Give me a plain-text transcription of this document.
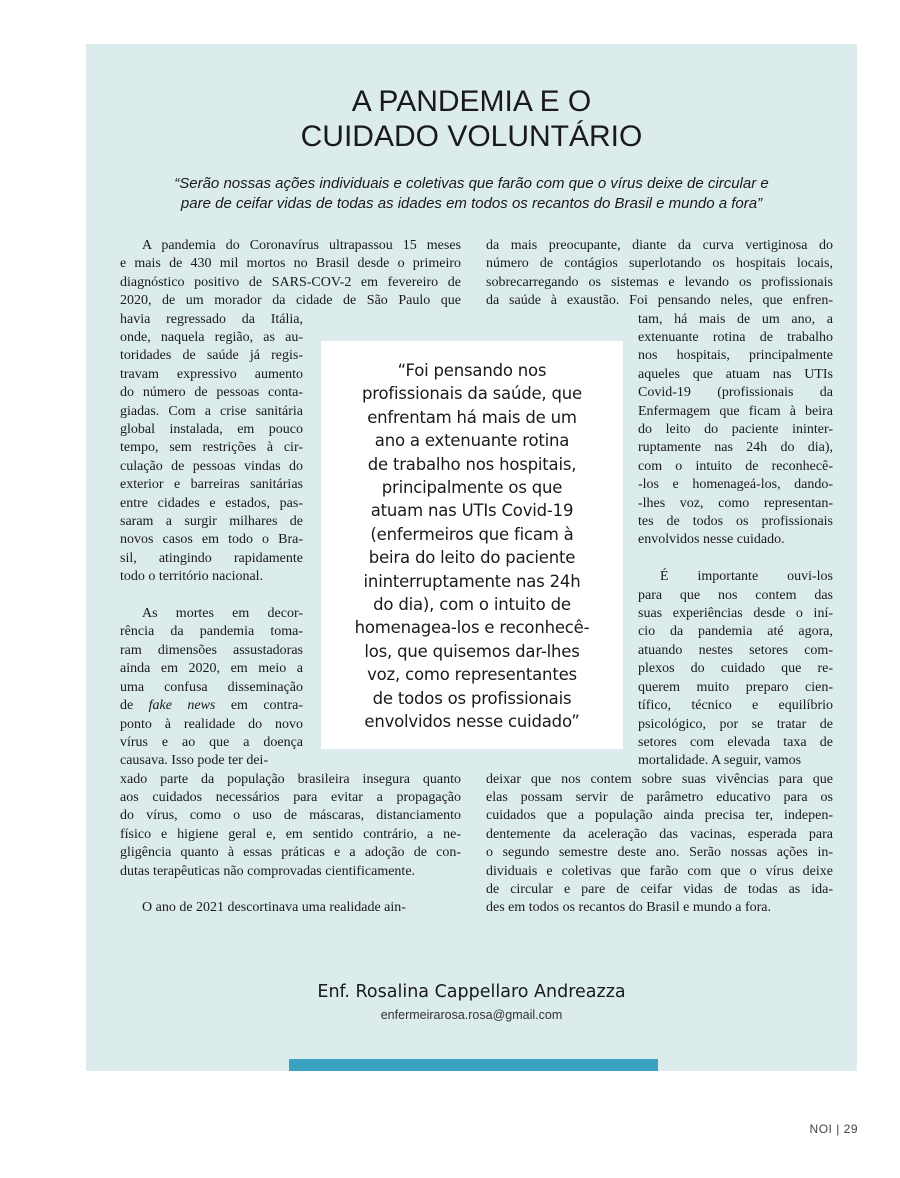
A PANDEMIA E O
CUIDADO VOLUNTÁRIO
“Serão nossas ações individuais e coletivas que farão com que o vírus deixe de circular e
pare de ceifar vidas de todas as idades em todos os recantos do Brasil e mundo a fora”
A pandemia do Coronavírus ultrapassou 15 meses
e mais de 430 mil mortos no Brasil desde o primeiro
diagnóstico positivo de SARS-COV-2 em fevereiro de
2020, de um morador da cidade de São Paulo que
havia regressado da Itália,
onde, naquela região, as au-
toridades de saúde já regis-
travam expressivo aumento
do número de pessoas conta-
giadas. Com a crise sanitária
global instalada, em pouco
tempo, sem restrições à cir-
culação de pessoas vindas do
exterior e barreiras sanitárias
entre cidades e estados, pas-
saram a surgir milhares de
novos casos em todo o Bra-
sil, atingindo rapidamente
todo o território nacional.
As mortes em decor-
rência da pandemia toma-
ram dimensões assustadoras
ainda em 2020, em meio a
uma confusa disseminação
de fake news em contra-
ponto à realidade do novo
vírus e ao que a doença
causava. Isso pode ter dei-
xado parte da população brasileira insegura quanto
aos cuidados necessários para evitar a propagação
do vírus, como o uso de máscaras, distanciamento
físico e higiene geral e, em sentido contrário, a ne-
gligência quanto à essas práticas e a adoção de con-
dutas terapêuticas não comprovadas cientificamente.
O ano de 2021 descortinava uma realidade ain-
da mais preocupante, diante da curva vertiginosa do
número de contágios superlotando os hospitais locais,
sobrecarregando os sistemas e levando os profissionais
da saúde à exaustão. Foi pensando neles, que enfren-
tam, há mais de um ano, a
extenuante rotina de trabalho
nos hospitais, principalmente
aqueles que atuam nas UTIs
Covid-19 (profissionais da
Enfermagem que ficam à beira
do leito do paciente ininter-
ruptamente nas 24h do dia),
com o intuito de reconhecê-
-los e homenageá-los, dando-
-lhes voz, como representan-
tes de todos os profissionais
envolvidos nesse cuidado.
É importante ouvi-los
para que nos contem das
suas experiências desde o iní-
cio da pandemia até agora,
atuando nestes setores com-
plexos do cuidado que re-
querem muito preparo cien-
tífico, técnico e equilíbrio
psicológico, por se tratar de
setores com elevada taxa de
mortalidade. A seguir, vamos
deixar que nos contem sobre suas vivências para que
elas possam servir de parâmetro educativo para os
cuidados que a população ainda precisa ter, indepen-
dentemente da aceleração das vacinas, esperada para
o segundo semestre deste ano. Serão nossas ações in-
dividuais e coletivas que farão com que o vírus deixe
de circular e pare de ceifar vidas de todas as ida-
des em todos os recantos do Brasil e mundo a fora.
“Foi pensando nos
profissionais da saúde, que
enfrentam há mais de um
ano a extenuante rotina
de trabalho nos hospitais,
principalmente os que
atuam nas UTIs Covid-19
(enfermeiros que ficam à
beira do leito do paciente
ininterruptamente nas 24h
do dia), com o intuito de
homenagea-los e reconhecê-
los, que quisemos dar-lhes
voz, como representantes
de todos os profissionais
envolvidos nesse cuidado”
Enf. Rosalina Cappellaro Andreazza
enfermeirarosa.rosa@gmail.com
NOI | 29
